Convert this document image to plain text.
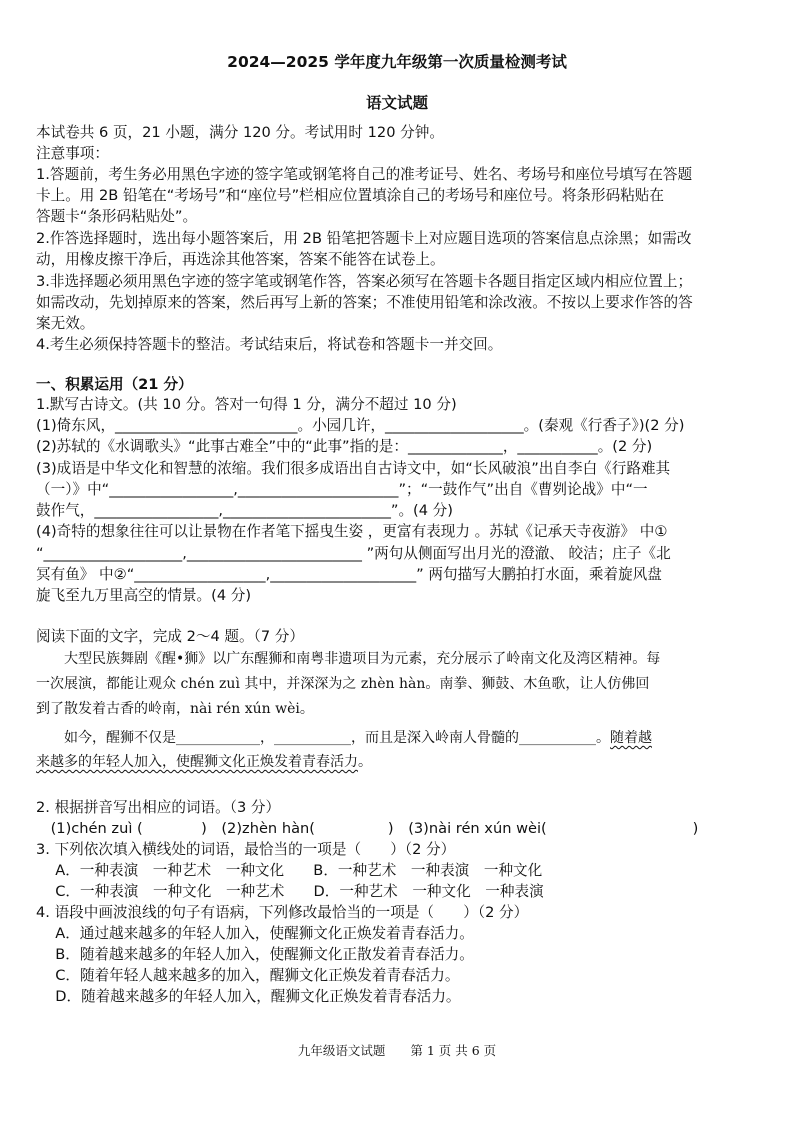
2024—2025 学年度九年级第一次质量检测考试
语文试题
本试卷共 6 页，21 小题，满分 120 分。考试用时 120 分钟。
注意事项：
1.答题前，考生务必用黑色字迹的签字笔或钢笔将自己的准考证号、姓名、考场号和座位号填写在答题
卡上。用 2B 铅笔在“考场号”和“座位号”栏相应位置填涂自己的考场号和座位号。将条形码粘贴在
答题卡“条形码粘贴处”。
2.作答选择题时，选出每小题答案后，用 2B 铅笔把答题卡上对应题目选项的答案信息点涂黑；如需改
动，用橡皮擦干净后，再选涂其他答案，答案不能答在试卷上。
3.非选择题必须用黑色字迹的签字笔或钢笔作答，答案必须写在答题卡各题目指定区域内相应位置上；
如需改动，先划掉原来的答案，然后再写上新的答案；不准使用铅笔和涂改液。不按以上要求作答的答
案无效。
4.考生必须保持答题卡的整洁。考试结束后，将试卷和答题卡一并交回。
一、积累运用（21 分）
1.默写古诗文。(共 10 分。答对一句得 1 分，满分不超过 10 分)
(1)倚东风，_________________________。小园几许，___________________。(秦观《行香子》)(2 分)
(2)苏轼的《水调歌头》“此事古难全”中的“此事”指的是：_____________，___________。(2 分)
(3)成语是中华文化和智慧的浓缩。我们很多成语出自古诗文中，如“长风破浪”出自李白《行路难其
（一）》中“_________________,______________________”；“一鼓作气”出自《曹刿论战》中“一
鼓作气，_________________,_______________________”。(4 分)
(4)奇特的想象往往可以让景物在作者笔下摇曳生姿 ，更富有表现力 。苏轼《记承天寺夜游》 中①
“___________________,________________________ ”两句从侧面写出月光的澄澈、 皎洁；庄子《北
冥有鱼》 中②“__________________,____________________” 两句描写大鹏拍打水面，乘着旋风盘
旋飞至九万里高空的情景。(4 分)
阅读下面的文字，完成 2～4 题。（7 分）
　　大型民族舞剧《醒•狮》以广东醒狮和南粤非遗项目为元素，充分展示了岭南文化及湾区精神。每
一次展演，都能让观众 chén zuì 其中，并深深为之 zhèn hàn。南拳、狮鼓、木鱼歌，让人仿佛回
到了散发着古香的岭南，nài rén xún wèi。
　　如今，醒狮不仅是____________，___________，而且是深入岭南人骨髓的___________。随着越
来越多的年轻人加入，使醒狮文化正焕发着青春活力。
2. 根据拼音写出相应的词语。（3 分）
　(1)chén zuì (　　　　)　(2)zhèn hàn(　　　　　)　(3)nài rén xún wèi(　　　　　　　　　　)
3. 下列依次填入横线处的词语，最恰当的一项是（　　）（2 分）
　 A．一种表演　一种艺术　一种文化　　B．一种艺术　一种表演　一种文化
　 C．一种表演　一种文化　一种艺术　　D．一种艺术　一种文化　一种表演
4. 语段中画波浪线的句子有语病，下列修改最恰当的一项是（　　）（2 分）
　 A．通过越来越多的年轻人加入，使醒狮文化正焕发着青春活力。
　 B．随着越来越多的年轻人加入，使醒狮文化正散发着青春活力。
　 C．随着年轻人越来越多的加入，醒狮文化正焕发着青春活力。
　 D．随着越来越多的年轻人加入，醒狮文化正焕发着青春活力。
九年级语文试题　　第 1 页 共 6 页
